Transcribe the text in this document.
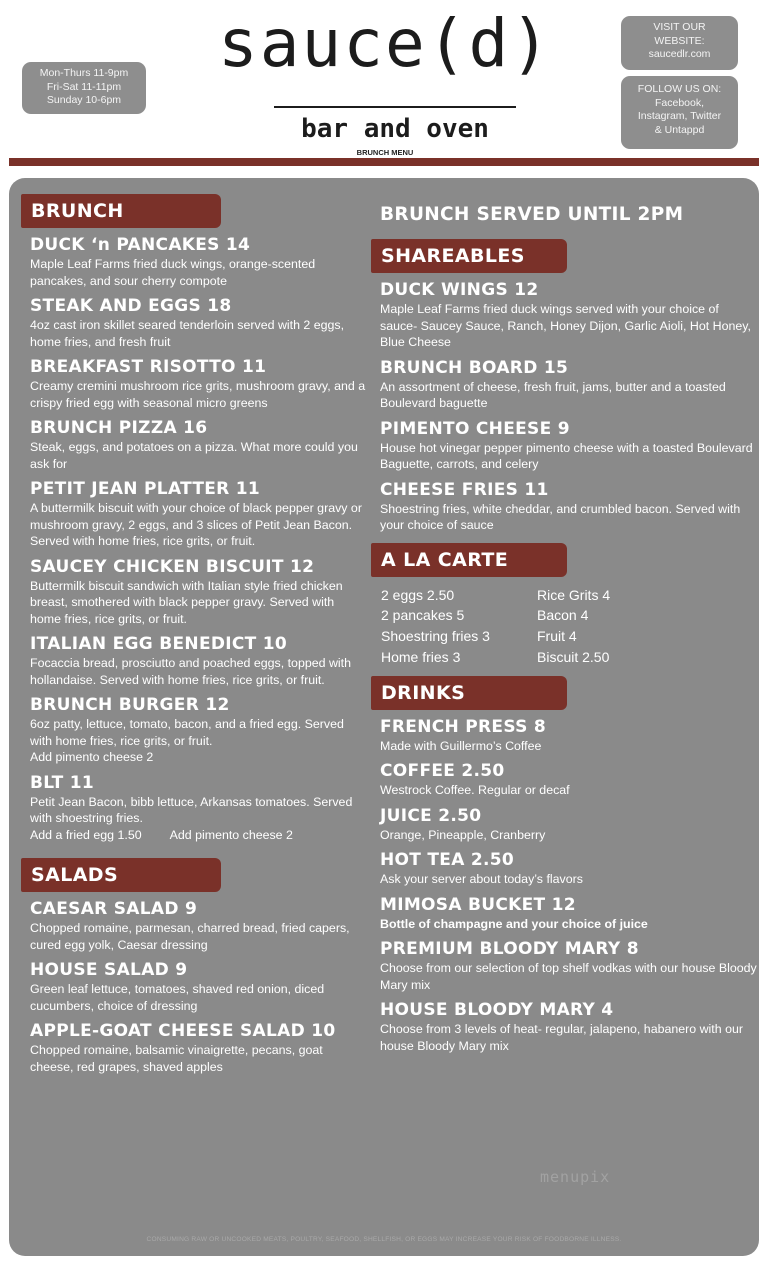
Mon-Thurs 11-9pm
Fri-Sat 11-11pm
Sunday 10-6pm
sauce(d)
bar and oven
BRUNCH MENU
VISIT OUR
WEBSITE:
saucedlr.com
FOLLOW US ON:
Facebook,
Instagram, Twitter
& Untappd
BRUNCH
DUCK ‘n PANCAKES 14
Maple Leaf Farms fried duck wings, orange-scented pancakes, and sour cherry compote
STEAK AND EGGS 18
4oz cast iron skillet seared tenderloin served with 2 eggs, home fries, and fresh fruit
BREAKFAST RISOTTO 11
Creamy cremini mushroom rice grits, mushroom gravy, and a crispy fried egg with seasonal micro greens
BRUNCH PIZZA 16
Steak, eggs, and potatoes on a pizza. What more could you ask for
PETIT JEAN PLATTER 11
A buttermilk biscuit with your choice of black pepper gravy or mushroom gravy, 2 eggs, and 3 slices of Petit Jean Bacon. Served with home fries, rice grits, or fruit.
SAUCEY CHICKEN BISCUIT 12
Buttermilk biscuit sandwich with Italian style fried chicken breast, smothered with black pepper gravy. Served with home fries, rice grits, or fruit.
ITALIAN EGG BENEDICT 10
Focaccia bread, prosciutto and poached eggs, topped with hollandaise. Served with home fries, rice grits, or fruit.
BRUNCH BURGER 12
6oz patty, lettuce, tomato, bacon, and a fried egg. Served with home fries, rice grits, or fruit.
Add pimento cheese 2
BLT 11
Petit Jean Bacon, bibb lettuce, Arkansas tomatoes. Served with shoestring fries.
Add a fried egg 1.50 Add pimento cheese 2
SALADS
CAESAR SALAD 9
Chopped romaine, parmesan, charred bread, fried capers, cured egg yolk, Caesar dressing
HOUSE SALAD 9
Green leaf lettuce, tomatoes, shaved red onion, diced cucumbers, choice of dressing
APPLE-GOAT CHEESE SALAD 10
Chopped romaine, balsamic vinaigrette, pecans, goat cheese, red grapes, shaved apples
BRUNCH SERVED UNTIL 2PM
SHAREABLES
DUCK WINGS 12
Maple Leaf Farms fried duck wings served with your choice of sauce- Saucey Sauce, Ranch, Honey Dijon, Garlic Aioli, Hot Honey, Blue Cheese
BRUNCH BOARD 15
An assortment of cheese, fresh fruit, jams, butter and a toasted Boulevard baguette
PIMENTO CHEESE 9
House hot vinegar pepper pimento cheese with a toasted Boulevard Baguette, carrots, and celery
CHEESE FRIES 11
Shoestring fries, white cheddar, and crumbled bacon. Served with your choice of sauce
A LA CARTE
2 eggs 2.50
2 pancakes 5
Shoestring fries 3
Home fries 3
Rice Grits 4
Bacon 4
Fruit 4
Biscuit 2.50
DRINKS
FRENCH PRESS 8
Made with Guillermo’s Coffee
COFFEE 2.50
Westrock Coffee. Regular or decaf
JUICE 2.50
Orange, Pineapple, Cranberry
HOT TEA 2.50
Ask your server about today’s flavors
MIMOSA BUCKET 12
Bottle of champagne and your choice of juice
PREMIUM BLOODY MARY 8
Choose from our selection of top shelf vodkas with our house Bloody Mary mix
HOUSE BLOODY MARY 4
Choose from 3 levels of heat- regular, jalapeno, habanero with our house Bloody Mary mix
menupix
CONSUMING RAW OR UNCOOKED MEATS, POULTRY, SEAFOOD, SHELLFISH, OR EGGS MAY INCREASE YOUR RISK OF FOODBORNE ILLNESS.
